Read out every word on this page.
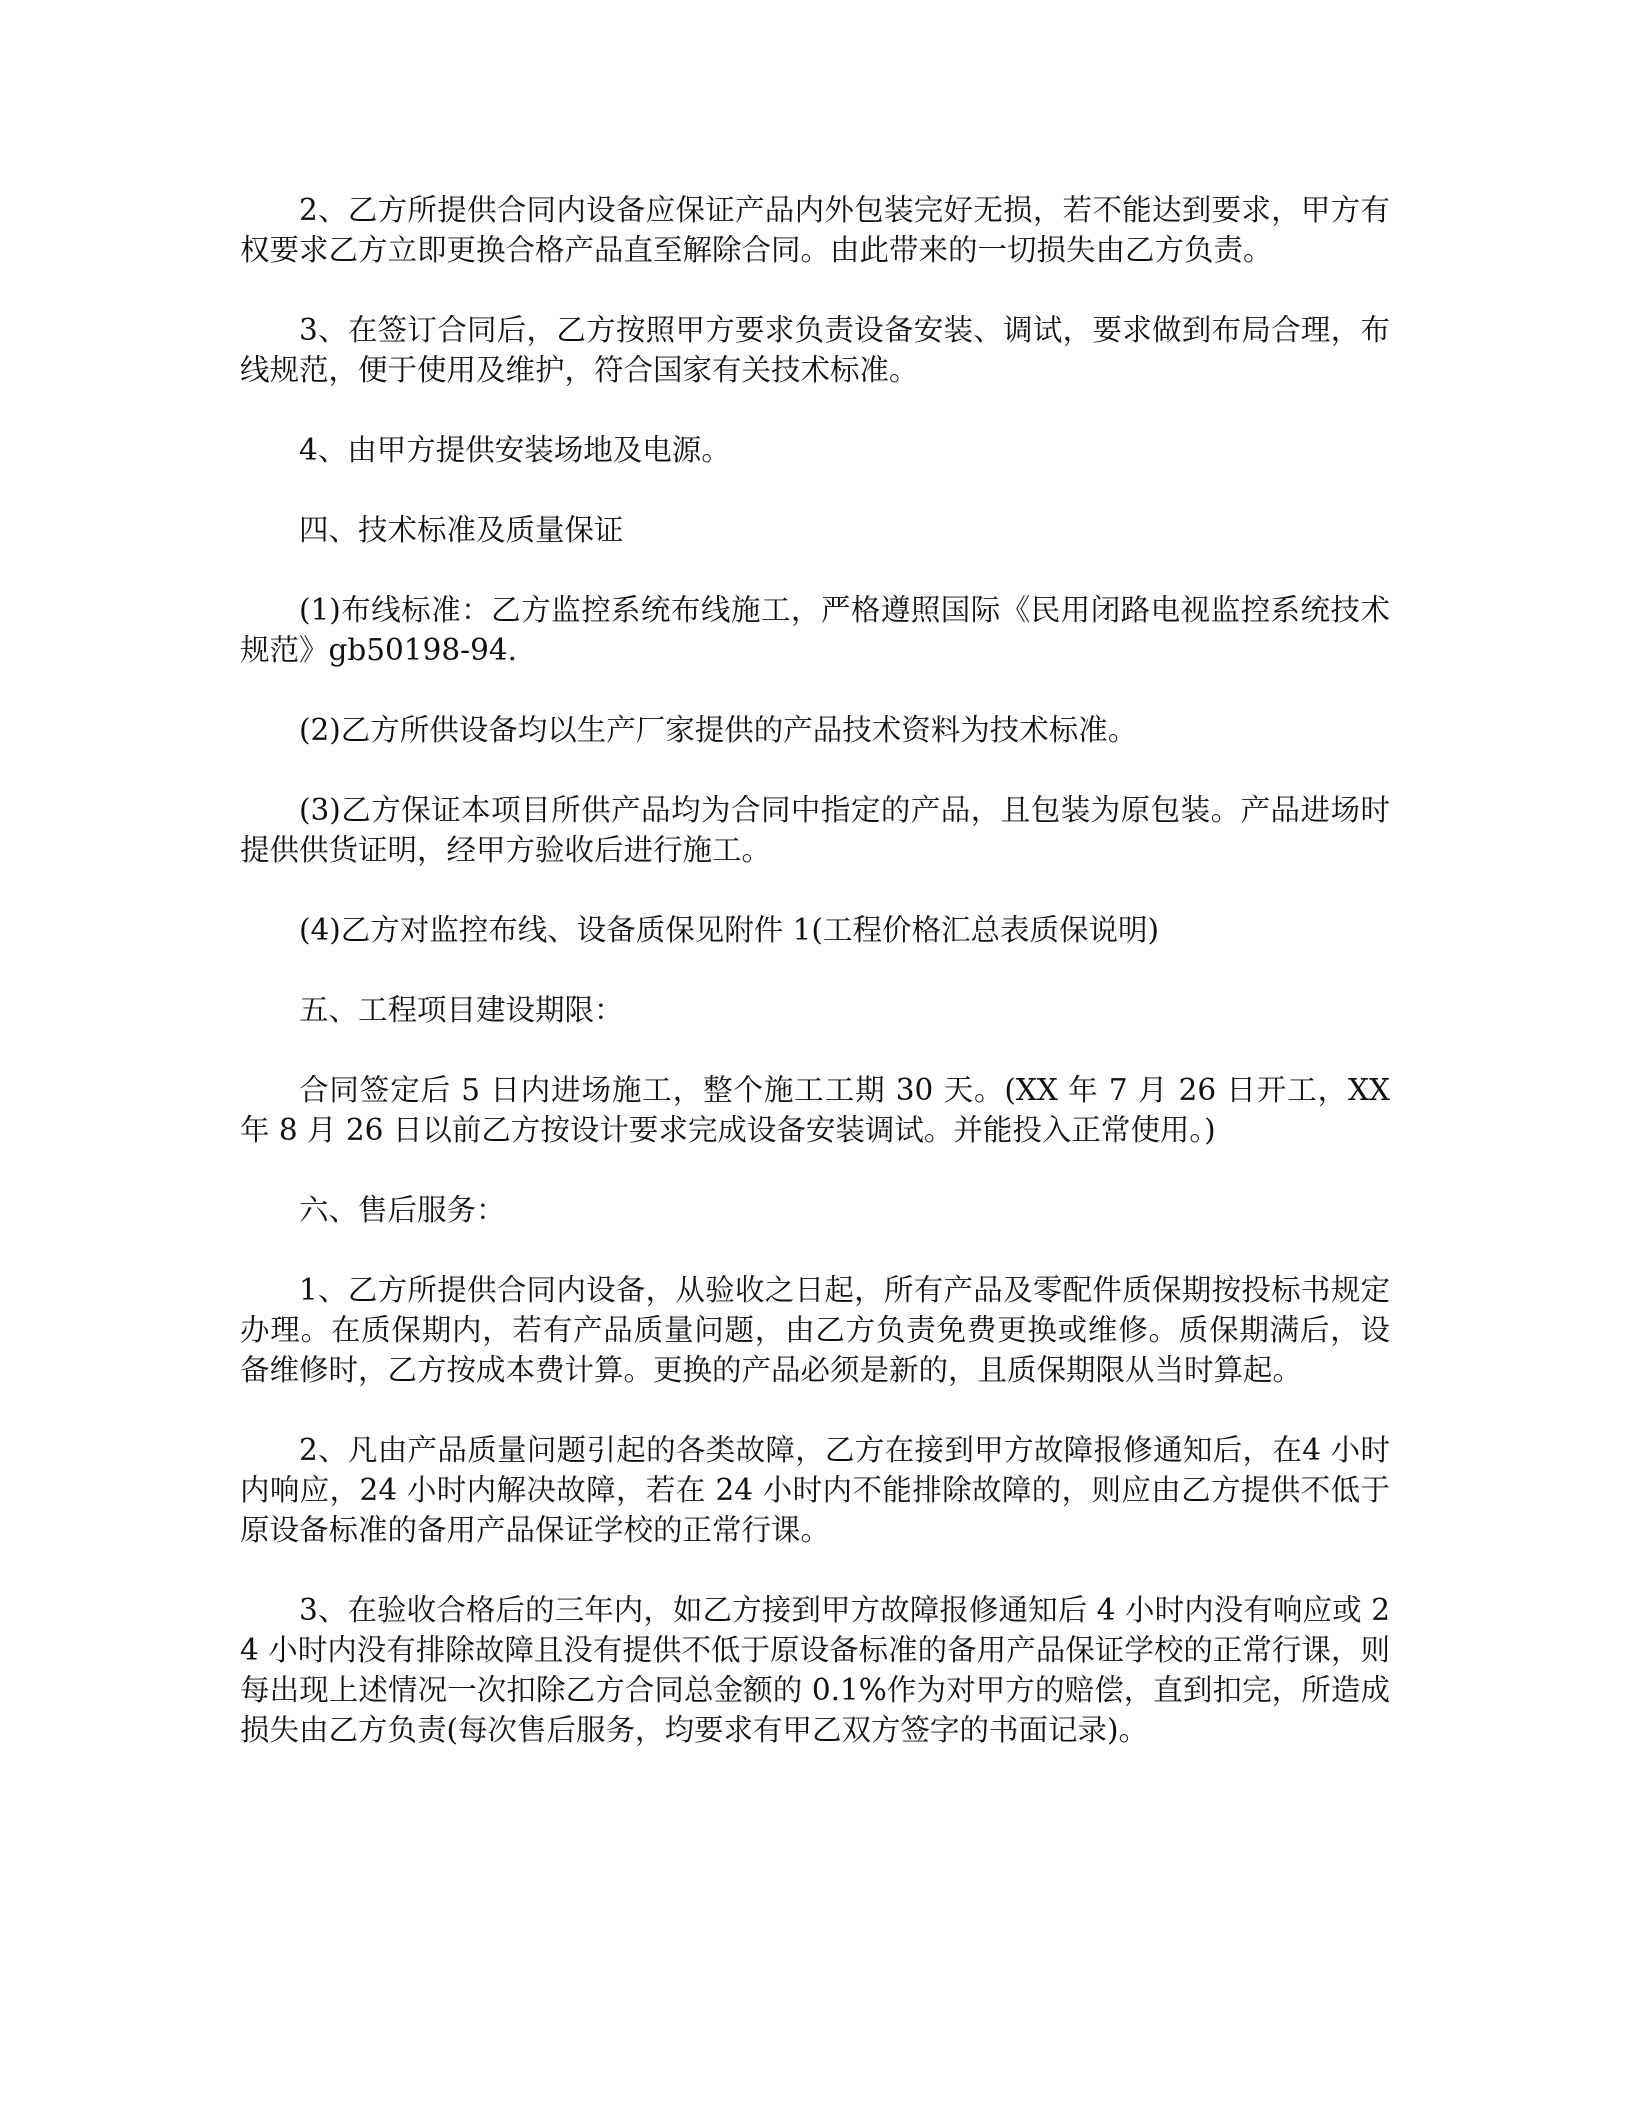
2、乙方所提供合同内设备应保证产品内外包装完好无损，若不能达到要求，甲方有权要求乙方立即更换合格产品直至解除合同。由此带来的一切损失由乙方负责。

3、在签订合同后，乙方按照甲方要求负责设备安装、调试，要求做到布局合理，布线规范，便于使用及维护，符合国家有关技术标准。

4、由甲方提供安装场地及电源。

四、技术标准及质量保证

(1)布线标准：乙方监控系统布线施工，严格遵照国际《民用闭路电视监控系统技术规范》gb50198-94.

(2)乙方所供设备均以生产厂家提供的产品技术资料为技术标准。

(3)乙方保证本项目所供产品均为合同中指定的产品，且包装为原包装。产品进场时提供供货证明，经甲方验收后进行施工。

(4)乙方对监控布线、设备质保见附件 1(工程价格汇总表质保说明)

五、工程项目建设期限：

合同签定后 5 日内进场施工，整个施工工期 30 天。(XX 年 7 月 26 日开工，XX 年 8 月 26 日以前乙方按设计要求完成设备安装调试。并能投入正常使用。)

六、售后服务：

1、乙方所提供合同内设备，从验收之日起，所有产品及零配件质保期按投标书规定办理。在质保期内，若有产品质量问题，由乙方负责免费更换或维修。质保期满后，设备维修时，乙方按成本费计算。更换的产品必须是新的，且质保期限从当时算起。

2、凡由产品质量问题引起的各类故障，乙方在接到甲方故障报修通知后，在4 小时内响应，24 小时内解决故障，若在 24 小时内不能排除故障的，则应由乙方提供不低于原设备标准的备用产品保证学校的正常行课。

3、在验收合格后的三年内，如乙方接到甲方故障报修通知后 4 小时内没有响应或 24 小时内没有排除故障且没有提供不低于原设备标准的备用产品保证学校的正常行课，则每出现上述情况一次扣除乙方合同总金额的 0.1%作为对甲方的赔偿，直到扣完，所造成损失由乙方负责(每次售后服务，均要求有甲乙双方签字的书面记录)。
